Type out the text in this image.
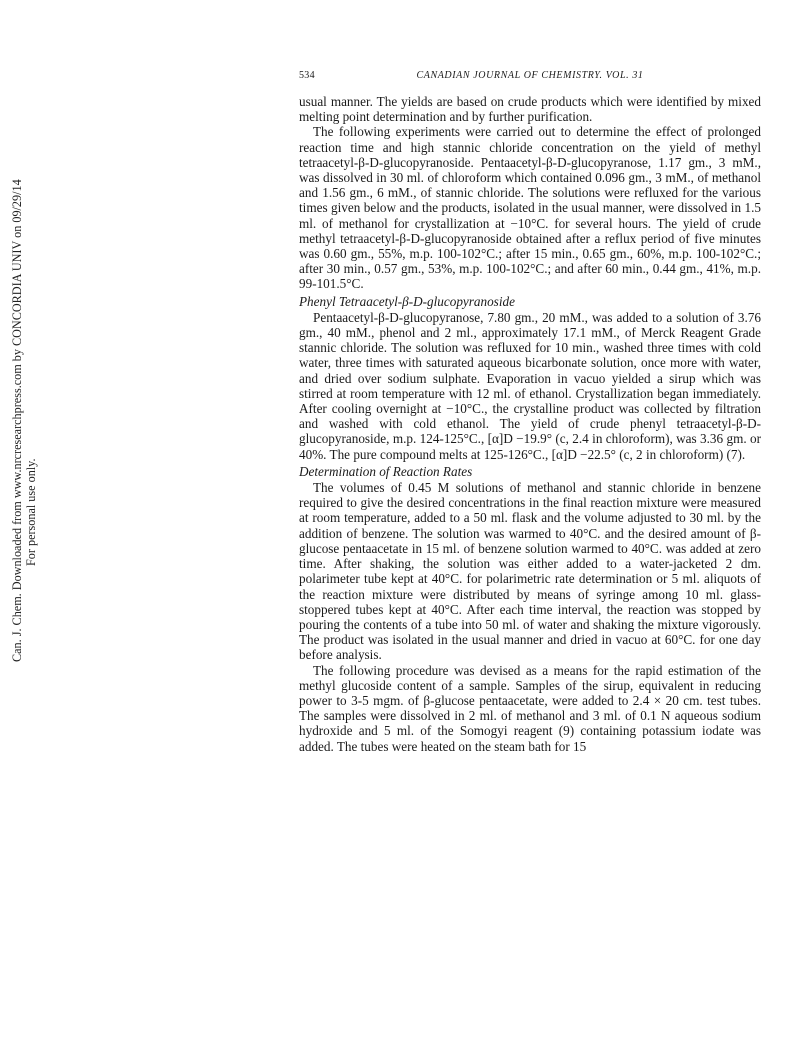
534	CANADIAN JOURNAL OF CHEMISTRY. VOL. 31
Can. J. Chem. Downloaded from www.nrcresearchpress.com by CONCORDIA UNIV on 09/29/14 For personal use only.

usual manner. The yields are based on crude products which were identified by mixed melting point determination and by further purification.

The following experiments were carried out to determine the effect of prolonged reaction time and high stannic chloride concentration on the yield of methyl tetraacetyl-β-D-glucopyranoside. Pentaacetyl-β-D-glucopyranose, 1.17 gm., 3 mM., was dissolved in 30 ml. of chloroform which contained 0.096 gm., 3 mM., of methanol and 1.56 gm., 6 mM., of stannic chloride. The solutions were refluxed for the various times given below and the products, isolated in the usual manner, were dissolved in 1.5 ml. of methanol for crystallization at −10°C. for several hours. The yield of crude methyl tetraacetyl-β-D-glucopyranoside obtained after a reflux period of five minutes was 0.60 gm., 55%, m.p. 100-102°C.; after 15 min., 0.65 gm., 60%, m.p. 100-102°C.; after 30 min., 0.57 gm., 53%, m.p. 100-102°C.; and after 60 min., 0.44 gm., 41%, m.p. 99-101.5°C.

Phenyl Tetraacetyl-β-D-glucopyranoside

Pentaacetyl-β-D-glucopyranose, 7.80 gm., 20 mM., was added to a solution of 3.76 gm., 40 mM., phenol and 2 ml., approximately 17.1 mM., of Merck Reagent Grade stannic chloride. The solution was refluxed for 10 min., washed three times with cold water, three times with saturated aqueous bicarbonate solution, once more with water, and dried over sodium sulphate. Evaporation in vacuo yielded a sirup which was stirred at room temperature with 12 ml. of ethanol. Crystallization began immediately. After cooling overnight at −10°C., the crystalline product was collected by filtration and washed with cold ethanol. The yield of crude phenyl tetraacetyl-β-D-glucopyranoside, m.p. 124-125°C., [α]D −19.9° (c, 2.4 in chloroform), was 3.36 gm. or 40%. The pure compound melts at 125-126°C., [α]D −22.5° (c, 2 in chloroform) (7).

Determination of Reaction Rates

The volumes of 0.45 M solutions of methanol and stannic chloride in benzene required to give the desired concentrations in the final reaction mixture were measured at room temperature, added to a 50 ml. flask and the volume adjusted to 30 ml. by the addition of benzene. The solution was warmed to 40°C. and the desired amount of β-glucose pentaacetate in 15 ml. of benzene solution warmed to 40°C. was added at zero time. After shaking, the solution was either added to a water-jacketed 2 dm. polarimeter tube kept at 40°C. for polarimetric rate determination or 5 ml. aliquots of the reaction mixture were distributed by means of syringe among 10 ml. glass-stoppered tubes kept at 40°C. After each time interval, the reaction was stopped by pouring the contents of a tube into 50 ml. of water and shaking the mixture vigorously. The product was isolated in the usual manner and dried in vacuo at 60°C. for one day before analysis.

The following procedure was devised as a means for the rapid estimation of the methyl glucoside content of a sample. Samples of the sirup, equivalent in reducing power to 3-5 mgm. of β-glucose pentaacetate, were added to 2.4 × 20 cm. test tubes. The samples were dissolved in 2 ml. of methanol and 3 ml. of 0.1 N aqueous sodium hydroxide and 5 ml. of the Somogyi reagent (9) containing potassium iodate was added. The tubes were heated on the steam bath for 15
